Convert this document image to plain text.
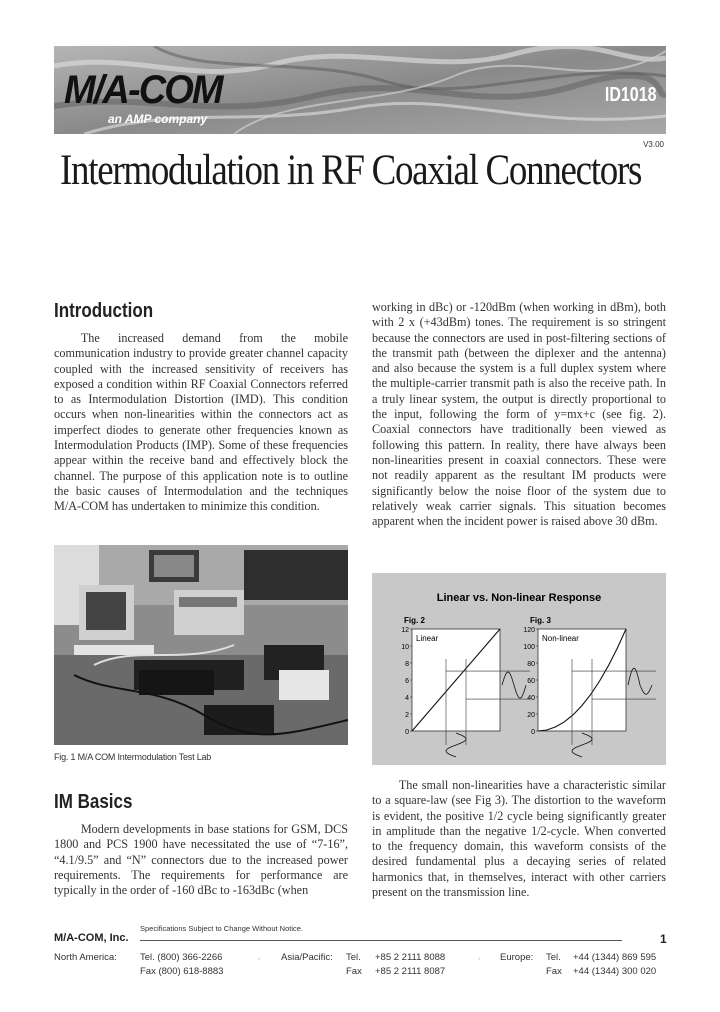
M/A-COM
an AMP company
ID1018
V3.00
Intermodulation in RF Coaxial Connectors
Introduction

The increased demand from the mobile communication industry to provide greater channel capacity coupled with the increased sensitivity of receivers has exposed a condition within RF Coaxial Connectors referred to as Intermodulation Distortion (IMD). This condition occurs when non-linearities within the connectors act as imperfect diodes to generate other frequencies known as Intermodulation Products (IMP). Some of these frequencies appear within the receive band and effectively block the channel. The purpose of this application note is to outline the basic causes of Intermodulation and the techniques M/A-COM has undertaken to minimize this condition.

Fig. 1 M/A COM Intermodulation Test Lab
IM Basics

Modern developments in base stations for GSM, DCS 1800 and PCS 1900 have necessitated the use of “7-16”, “4.1/9.5” and “N” connectors due to the increased power requirements. The requirements for performance are typically in the order of -160 dBc to -163dBc (when

working in dBc) or -120dBm (when working in dBm), both with 2 x (+43dBm) tones. The requirement is so stringent because the connectors are used in post-filtering sections of the transmit path (between the diplexer and the antenna) and also because the system is a full duplex system where the multiple-carrier transmit path is also the receive path. In a truly linear system, the output is directly proportional to the input, following the form of y=mx+c (see fig. 2). Coaxial connectors have traditionally been viewed as following this pattern. In reality, there have always been non-linearities present in coaxial connectors. These were not readily apparent as the resultant IM products were significantly below the noise floor of the system due to relatively weak carrier signals. This situation becomes apparent when the incident power is raised above 30 dBm.

Linear vs. Non-linear Response
Fig. 2
0
2
4
6
8
10
12
Linear
Fig. 3
0
20
40
60
80
100
120
Non-linear

The small non-linearities have a characteristic similar to a square-law (see Fig 3). The distortion to the waveform is evident, the positive 1/2 cycle being significantly greater in amplitude than the negative 1/2-cycle. When converted to the frequency domain, this waveform consists of the desired fundamental plus a decaying series of related harmonics that, in themselves, interact with other carriers present on the transmission line.

Specifications Subject to Change Without Notice.
M/A-COM, Inc.	1
North America: Tel. (800) 366-2266
Fax (800) 618-8883
¸ Asia/Pacific: Tel. +85 2 2111 8088
Fax +85 2 2111 8087
¸ Europe: Tel. +44 (1344) 869 595
Fax +44 (1344) 300 020
